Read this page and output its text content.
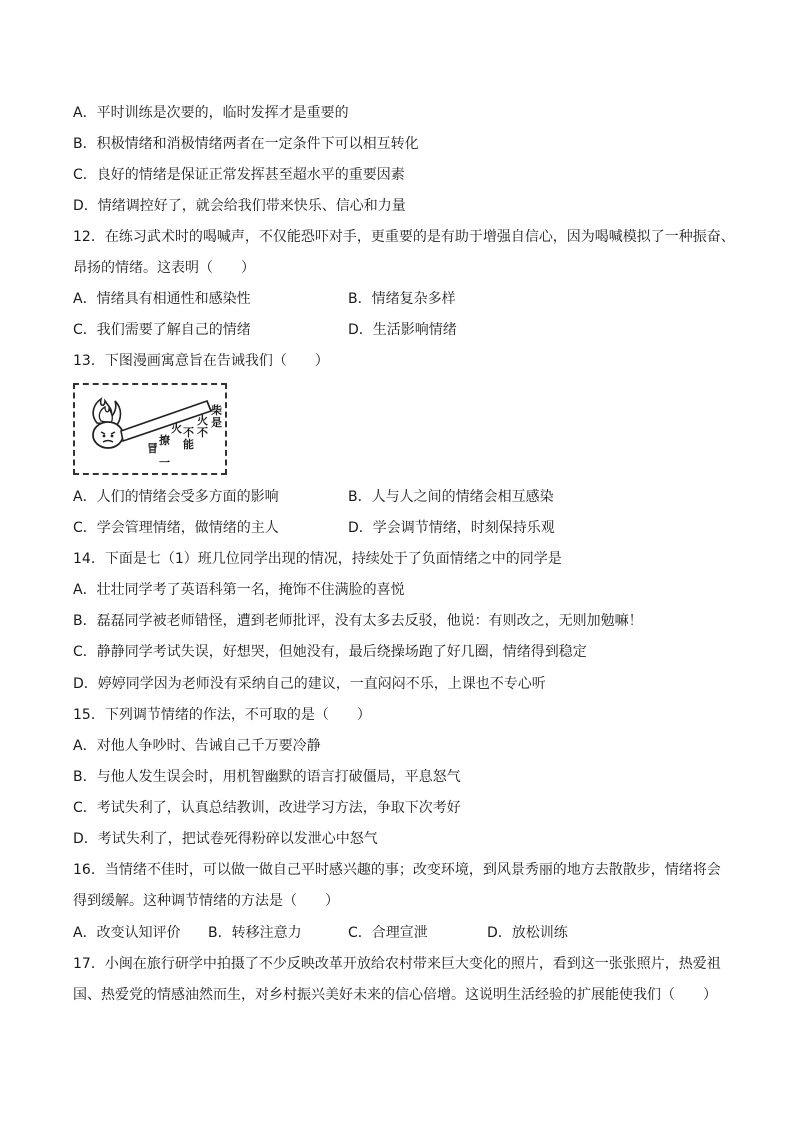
A．平时训练是次要的，临时发挥才是重要的
B．积极情绪和消极情绪两者在一定条件下可以相互转化
C．良好的情绪是保证正常发挥甚至超水平的重要因素
D．情绪调控好了，就会给我们带来快乐、信心和力量
12．在练习武术时的喝喊声，不仅能恐吓对手，更重要的是有助于增强自信心，因为喝喊模拟了一种振奋、
昂扬的情绪。这表明（　　）
A．情绪具有相通性和感染性	B．情绪复杂多样
C．我们需要了解自己的情绪	D．生活影响情绪
13．下图漫画寓意旨在告诫我们（　　）
火不
柴是
不能
火
撩
冒
一
A．人们的情绪会受多方面的影响	B．人与人之间的情绪会相互感染
C．学会管理情绪，做情绪的主人	D．学会调节情绪，时刻保持乐观
14．下面是七（1）班几位同学出现的情况，持续处于了负面情绪之中的同学是
A．壮壮同学考了英语科第一名，掩饰不住满脸的喜悦
B．磊磊同学被老师错怪，遭到老师批评，没有太多去反驳，他说：有则改之，无则加勉嘛！
C．静静同学考试失误，好想哭，但她没有，最后绕操场跑了好几圈，情绪得到稳定
D．婷婷同学因为老师没有采纳自己的建议，一直闷闷不乐，上课也不专心听
15．下列调节情绪的作法，不可取的是（　　）
A．对他人争吵时、告诫自己千万要冷静
B．与他人发生误会时，用机智幽默的语言打破僵局，平息怒气
C．考试失利了，认真总结教训，改进学习方法，争取下次考好
D．考试失利了，把试卷死得粉碎以发泄心中怒气
16．当情绪不佳时，可以做一做自己平时感兴趣的事；改变环境，到风景秀丽的地方去散散步，情绪将会
得到缓解。这种调节情绪的方法是（　　）
A．改变认知评价 B．转移注意力	C．合理宣泄	D．放松训练
17．小闽在旅行研学中拍摄了不少反映改革开放给农村带来巨大变化的照片，看到这一张张照片，热爱祖
国、热爱党的情感油然而生，对乡村振兴美好未来的信心倍增。这说明生活经验的扩展能使我们（　　）
